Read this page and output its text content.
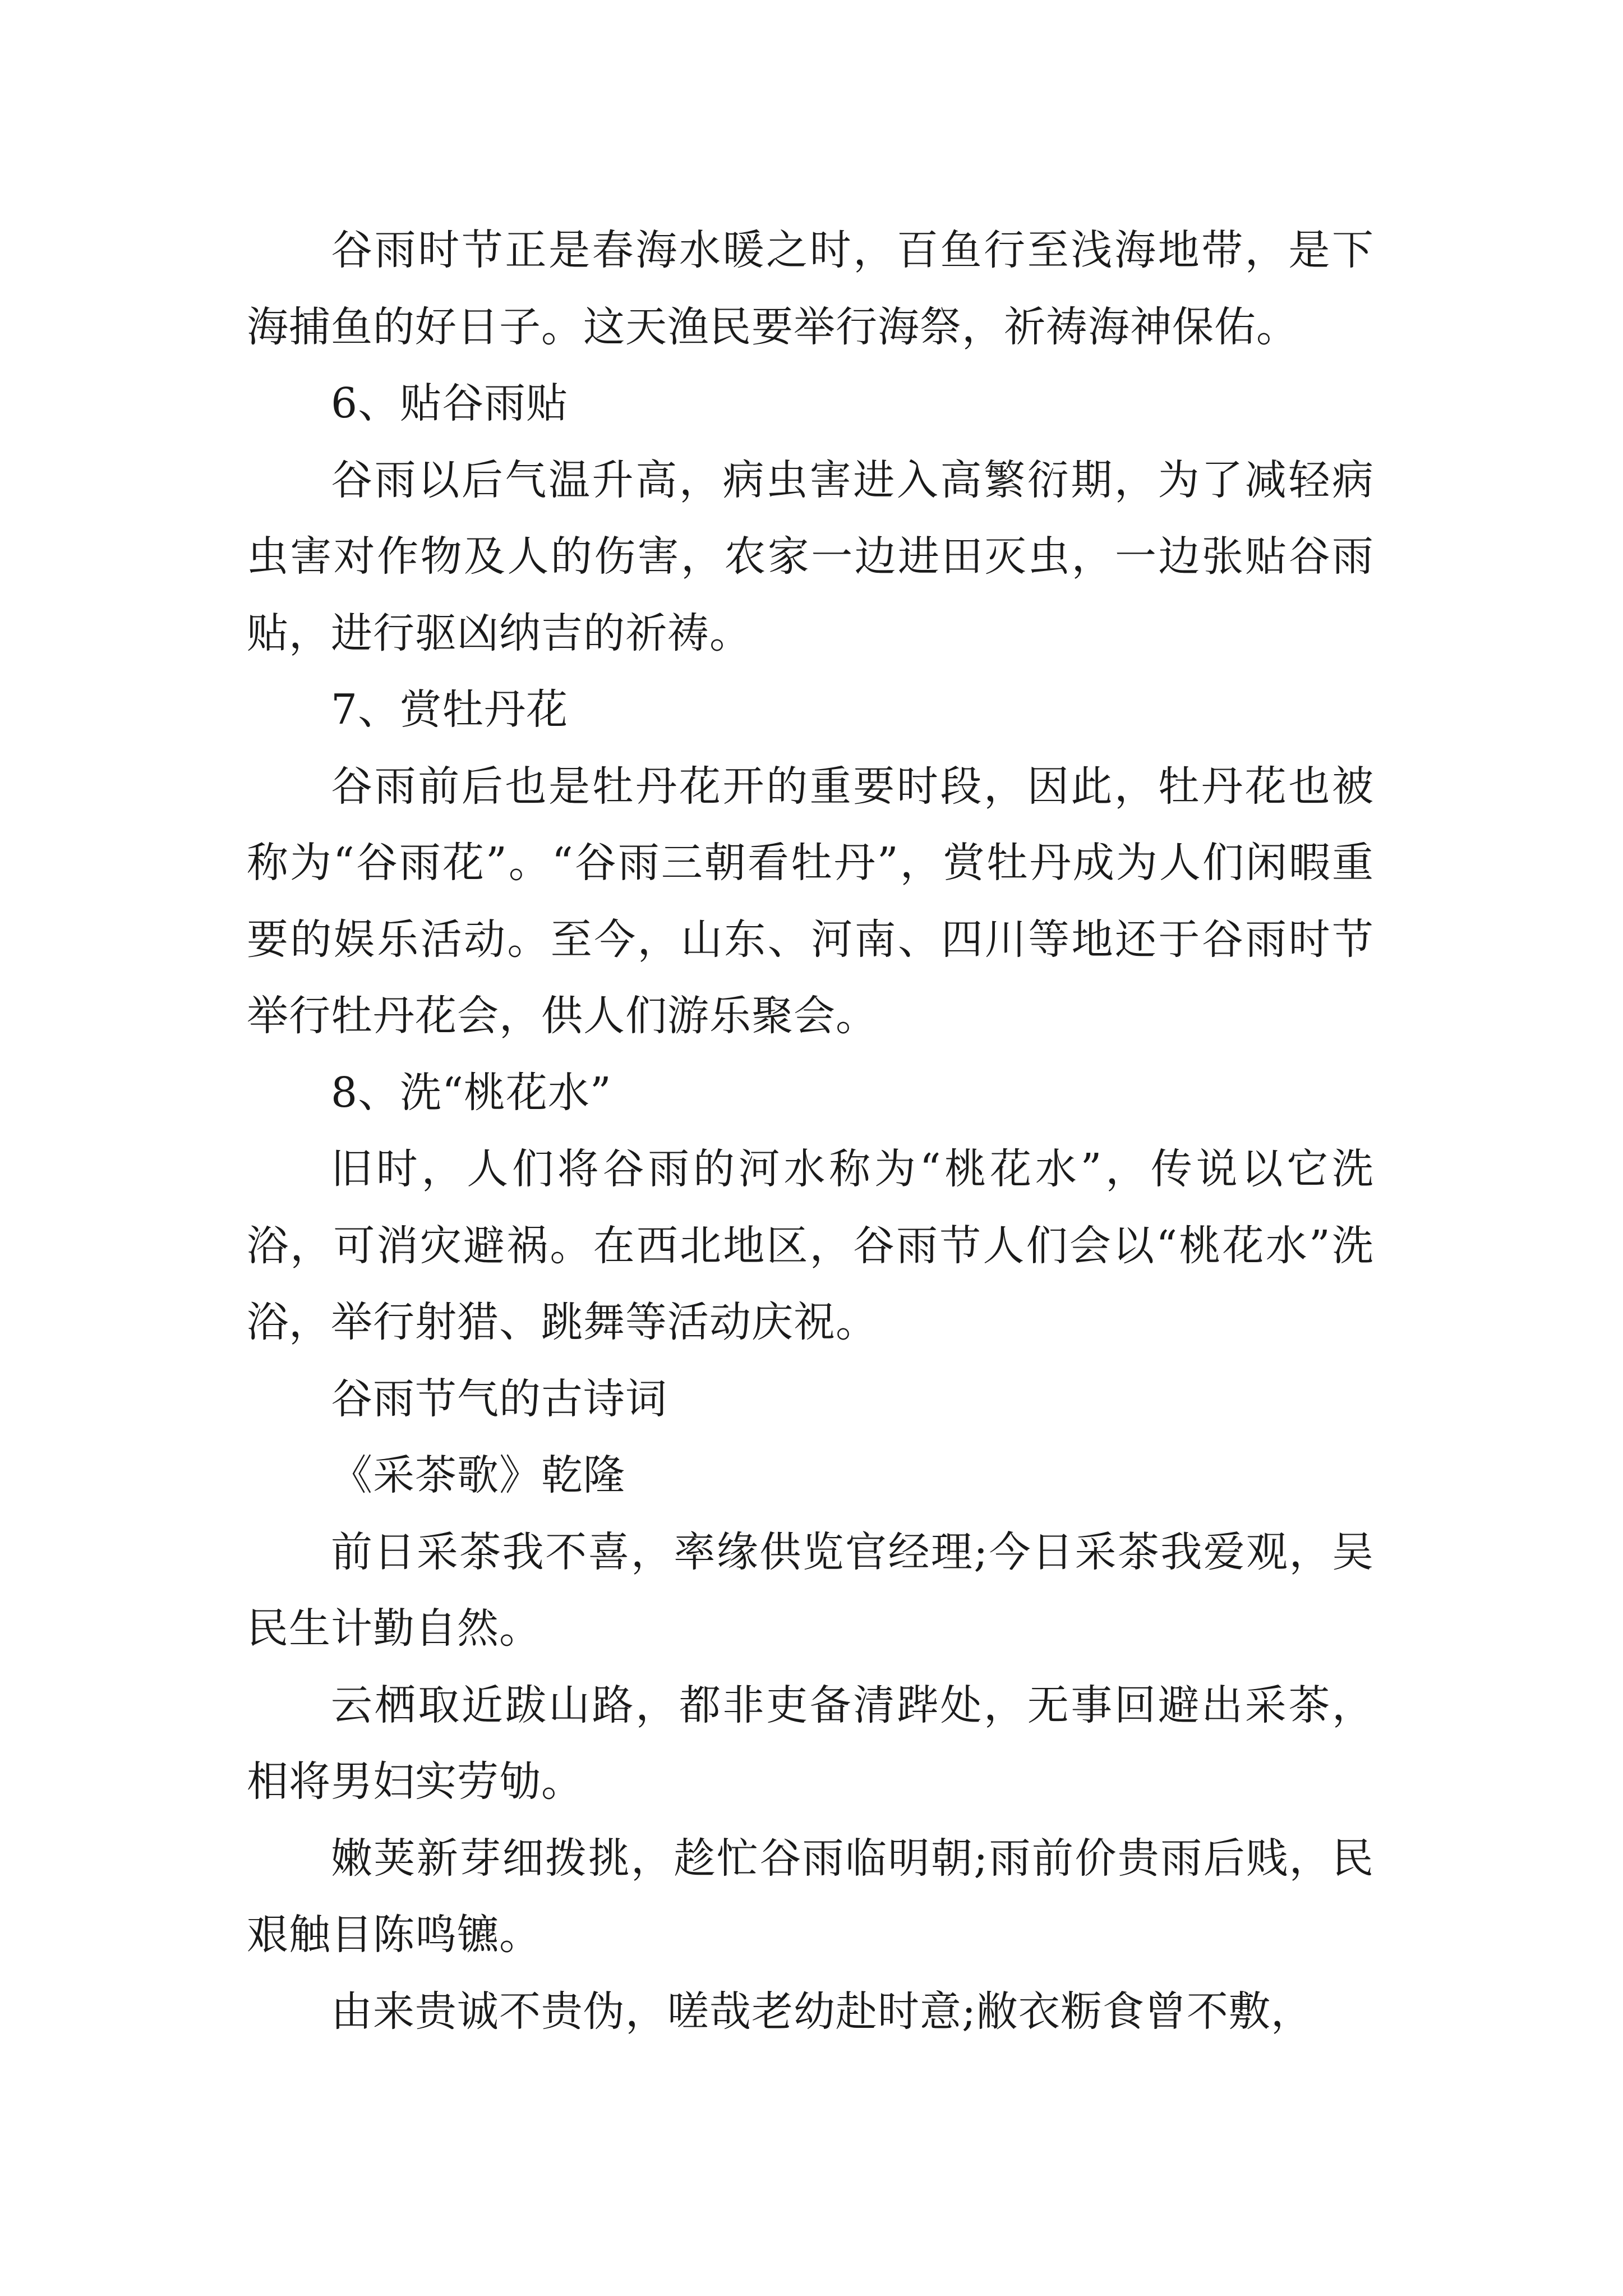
谷雨时节正是春海水暖之时，百鱼行至浅海地带，是下海捕鱼的好日子。这天渔民要举行海祭，祈祷海神保佑。

6、贴谷雨贴

谷雨以后气温升高，病虫害进入高繁衍期，为了减轻病虫害对作物及人的伤害，农家一边进田灭虫，一边张贴谷雨贴，进行驱凶纳吉的祈祷。

7、赏牡丹花

谷雨前后也是牡丹花开的重要时段，因此，牡丹花也被称为“谷雨花”。“谷雨三朝看牡丹”，赏牡丹成为人们闲暇重要的娱乐活动。至今，山东、河南、四川等地还于谷雨时节举行牡丹花会，供人们游乐聚会。

8、洗“桃花水”

旧时，人们将谷雨的河水称为“桃花水”，传说以它洗浴，可消灾避祸。在西北地区，谷雨节人们会以“桃花水”洗浴，举行射猎、跳舞等活动庆祝。

谷雨节气的古诗词

《采茶歌》乾隆

前日采茶我不喜，率缘供览官经理;今日采茶我爱观，吴民生计勤自然。

云栖取近跋山路，都非吏备清跸处，无事回避出采茶，相将男妇实劳劬。

嫩荚新芽细拨挑，趁忙谷雨临明朝;雨前价贵雨后贱，民艰触目陈鸣镳。

由来贵诚不贵伪，嗟哉老幼赴时意;敝衣粝食曾不敷，
